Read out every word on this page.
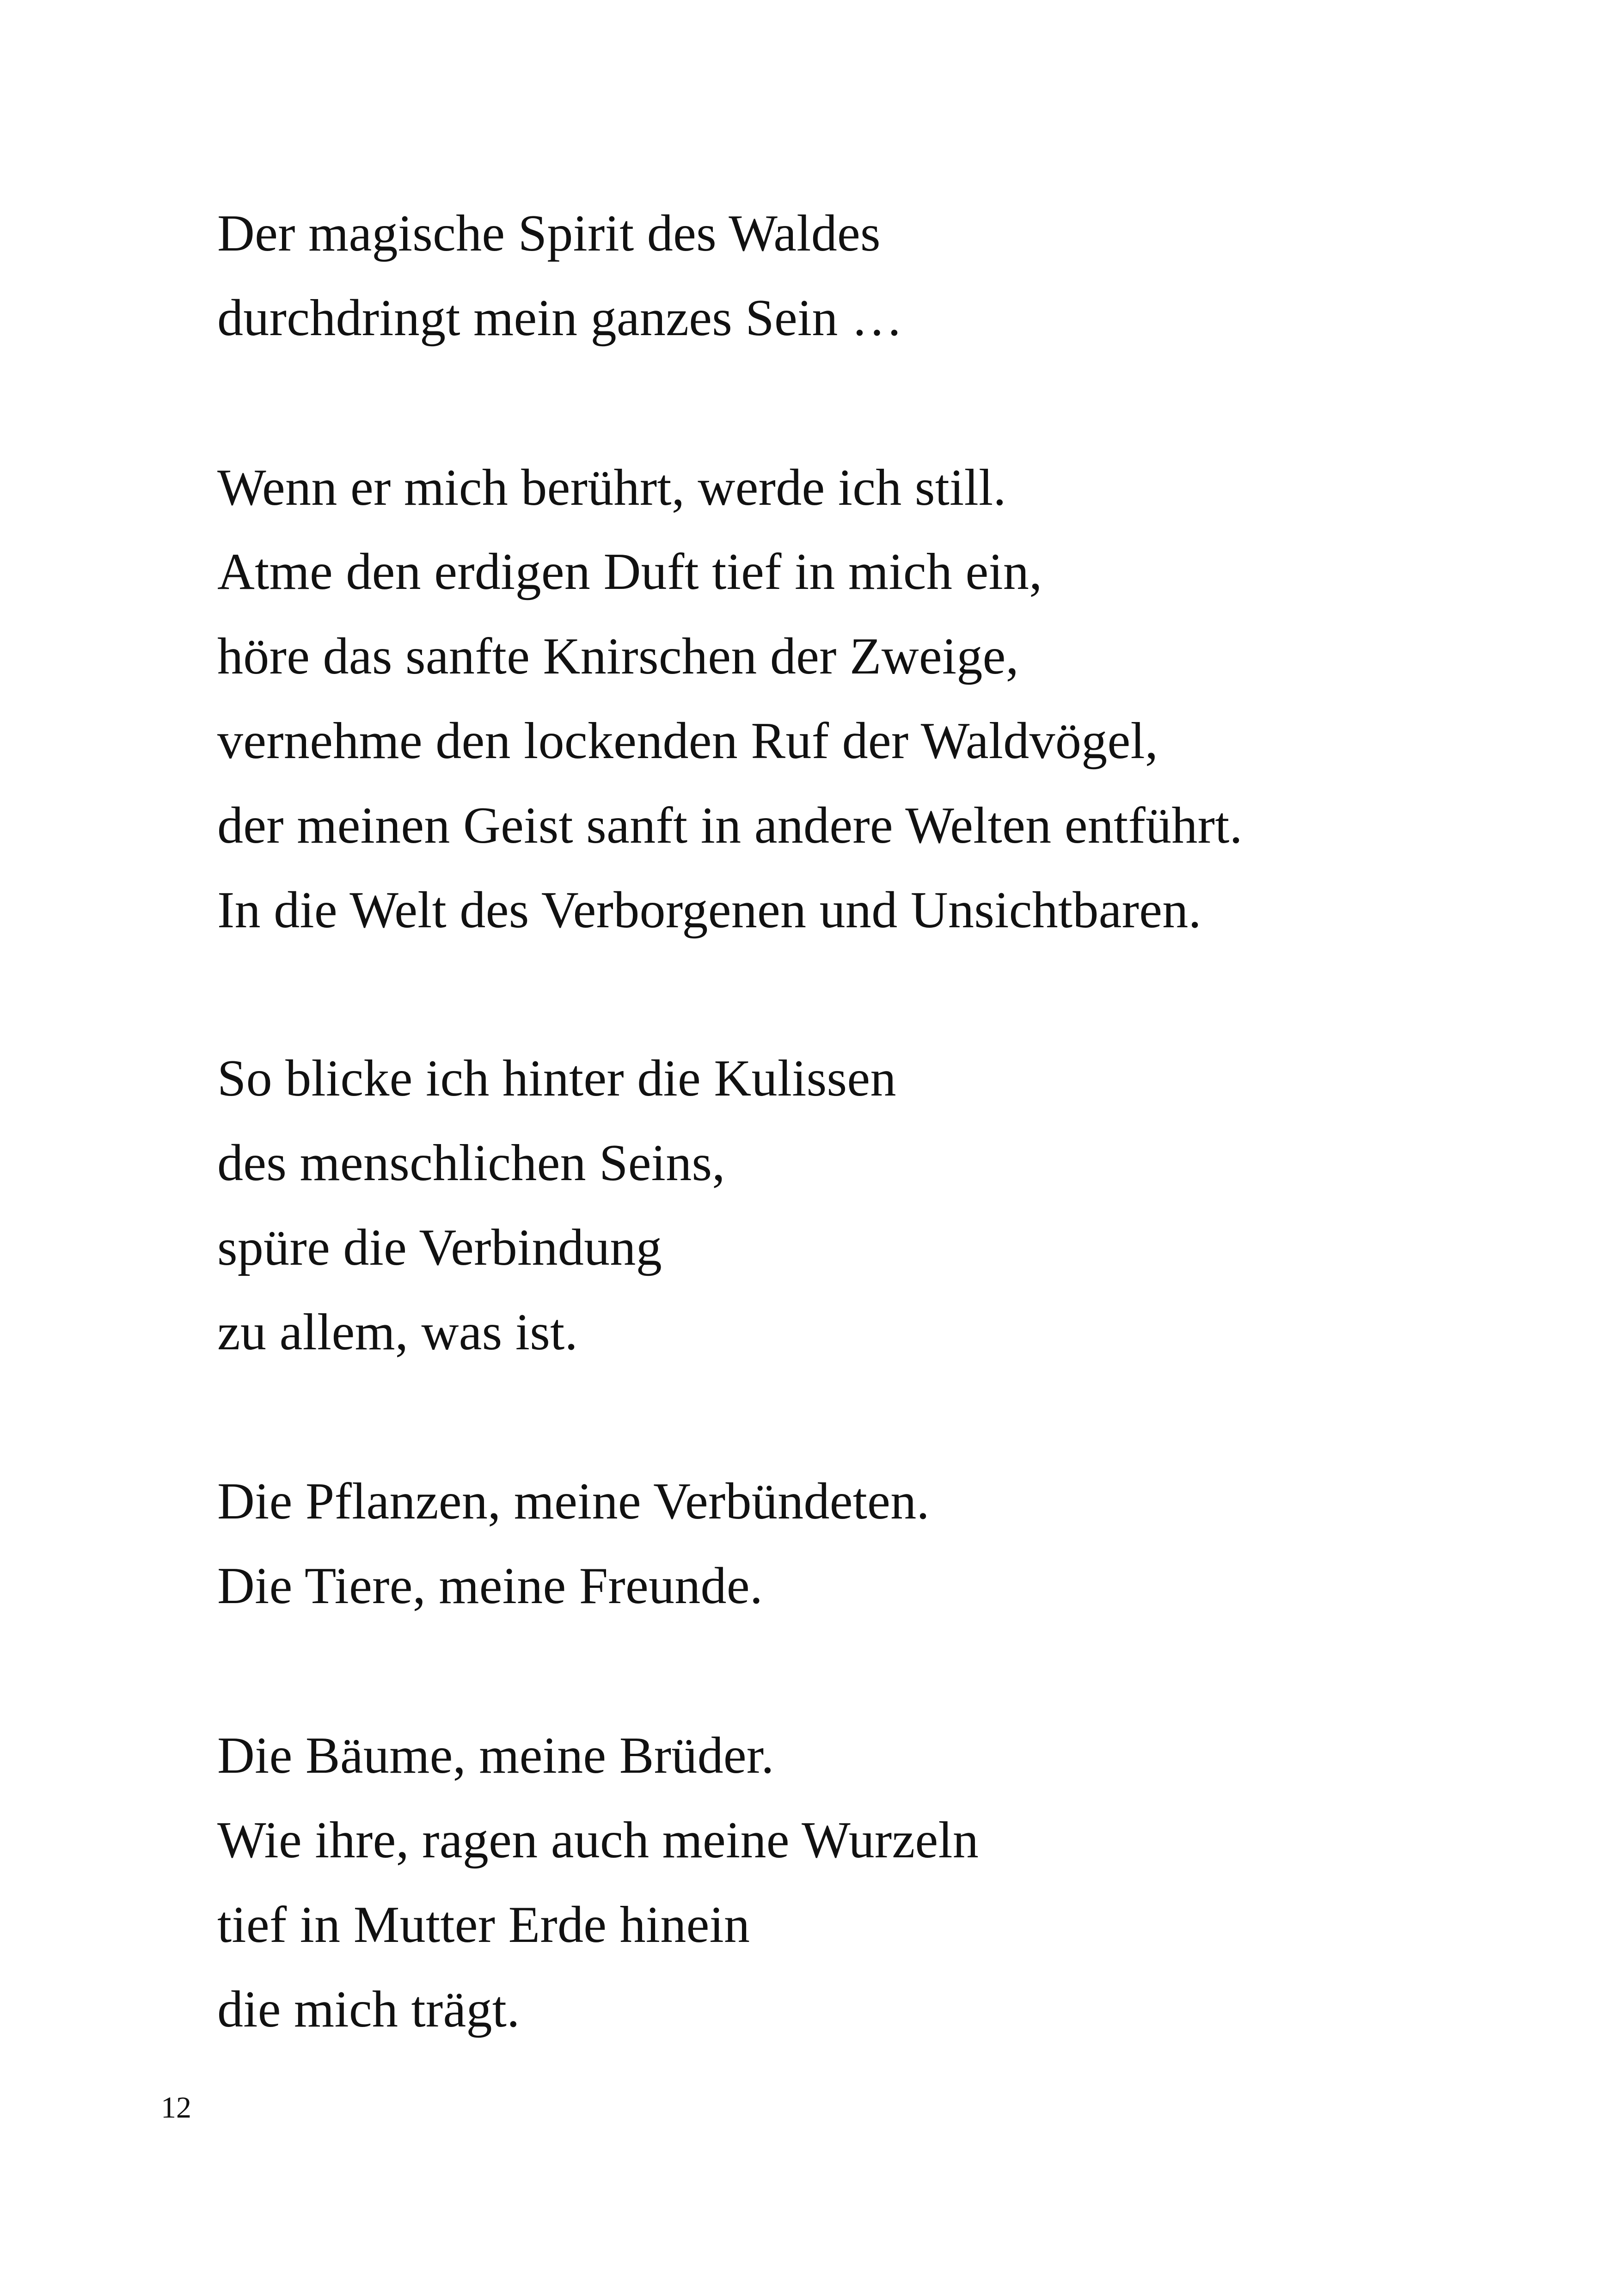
Der magische Spirit des Waldes
durchdringt mein ganzes Sein …
Wenn er mich berührt, werde ich still.
Atme den erdigen Duft tief in mich ein,
höre das sanfte Knirschen der Zweige,
vernehme den lockenden Ruf der Waldvögel,
der meinen Geist sanft in andere Welten entführt.
In die Welt des Verborgenen und Unsichtbaren.
So blicke ich hinter die Kulissen
des menschlichen Seins,
spüre die Verbindung
zu allem, was ist.
Die Pflanzen, meine Verbündeten.
Die Tiere, meine Freunde.
Die Bäume, meine Brüder.
Wie ihre, ragen auch meine Wurzeln
tief in Mutter Erde hinein
die mich trägt.
12
